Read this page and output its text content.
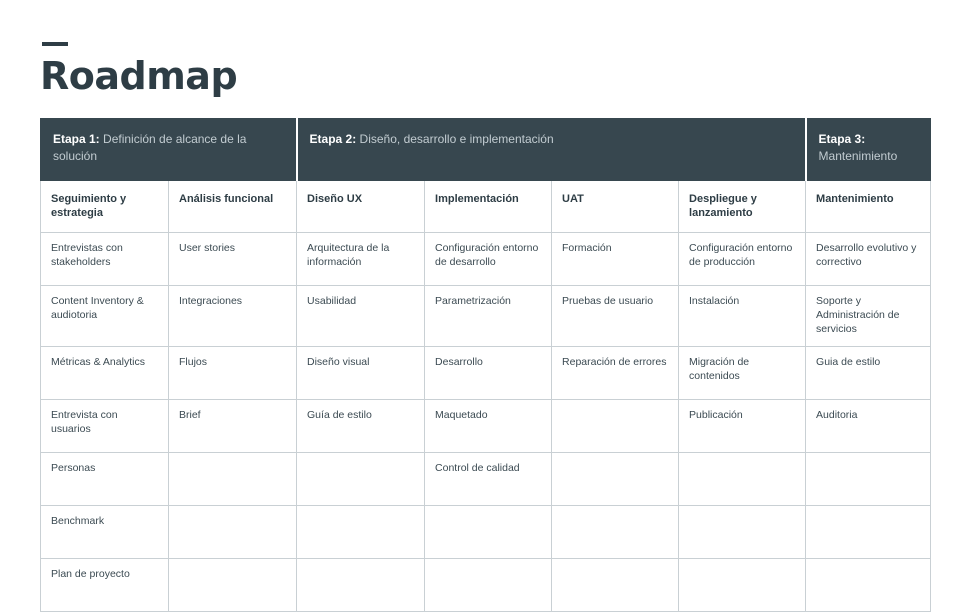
Roadmap
Etapa 1: Definición de alcance de la solución		Etapa 2: Diseño, desarrollo e implementación				Etapa 3: Mantenimiento
Seguimiento y estrategia	Análisis funcional	Diseño UX	Implementación	UAT	Despliegue y lanzamiento	Mantenimiento
Entrevistas con stakeholders	User stories	Arquitectura de la información	Configuración entorno de desarrollo	Formación	Configuración entorno de producción	Desarrollo evolutivo y correctivo
Content Inventory & audiotoria	Integraciones	Usabilidad	Parametrización	Pruebas de usuario	Instalación	Soporte y Administración de servicios
Métricas & Analytics	Flujos	Diseño visual	Desarrollo	Reparación de errores	Migración de contenidos	Guia de estilo
Entrevista con usuarios	Brief	Guía de estilo	Maquetado		Publicación	Auditoria
Personas			Control de calidad			
Benchmark						
Plan de proyecto						
